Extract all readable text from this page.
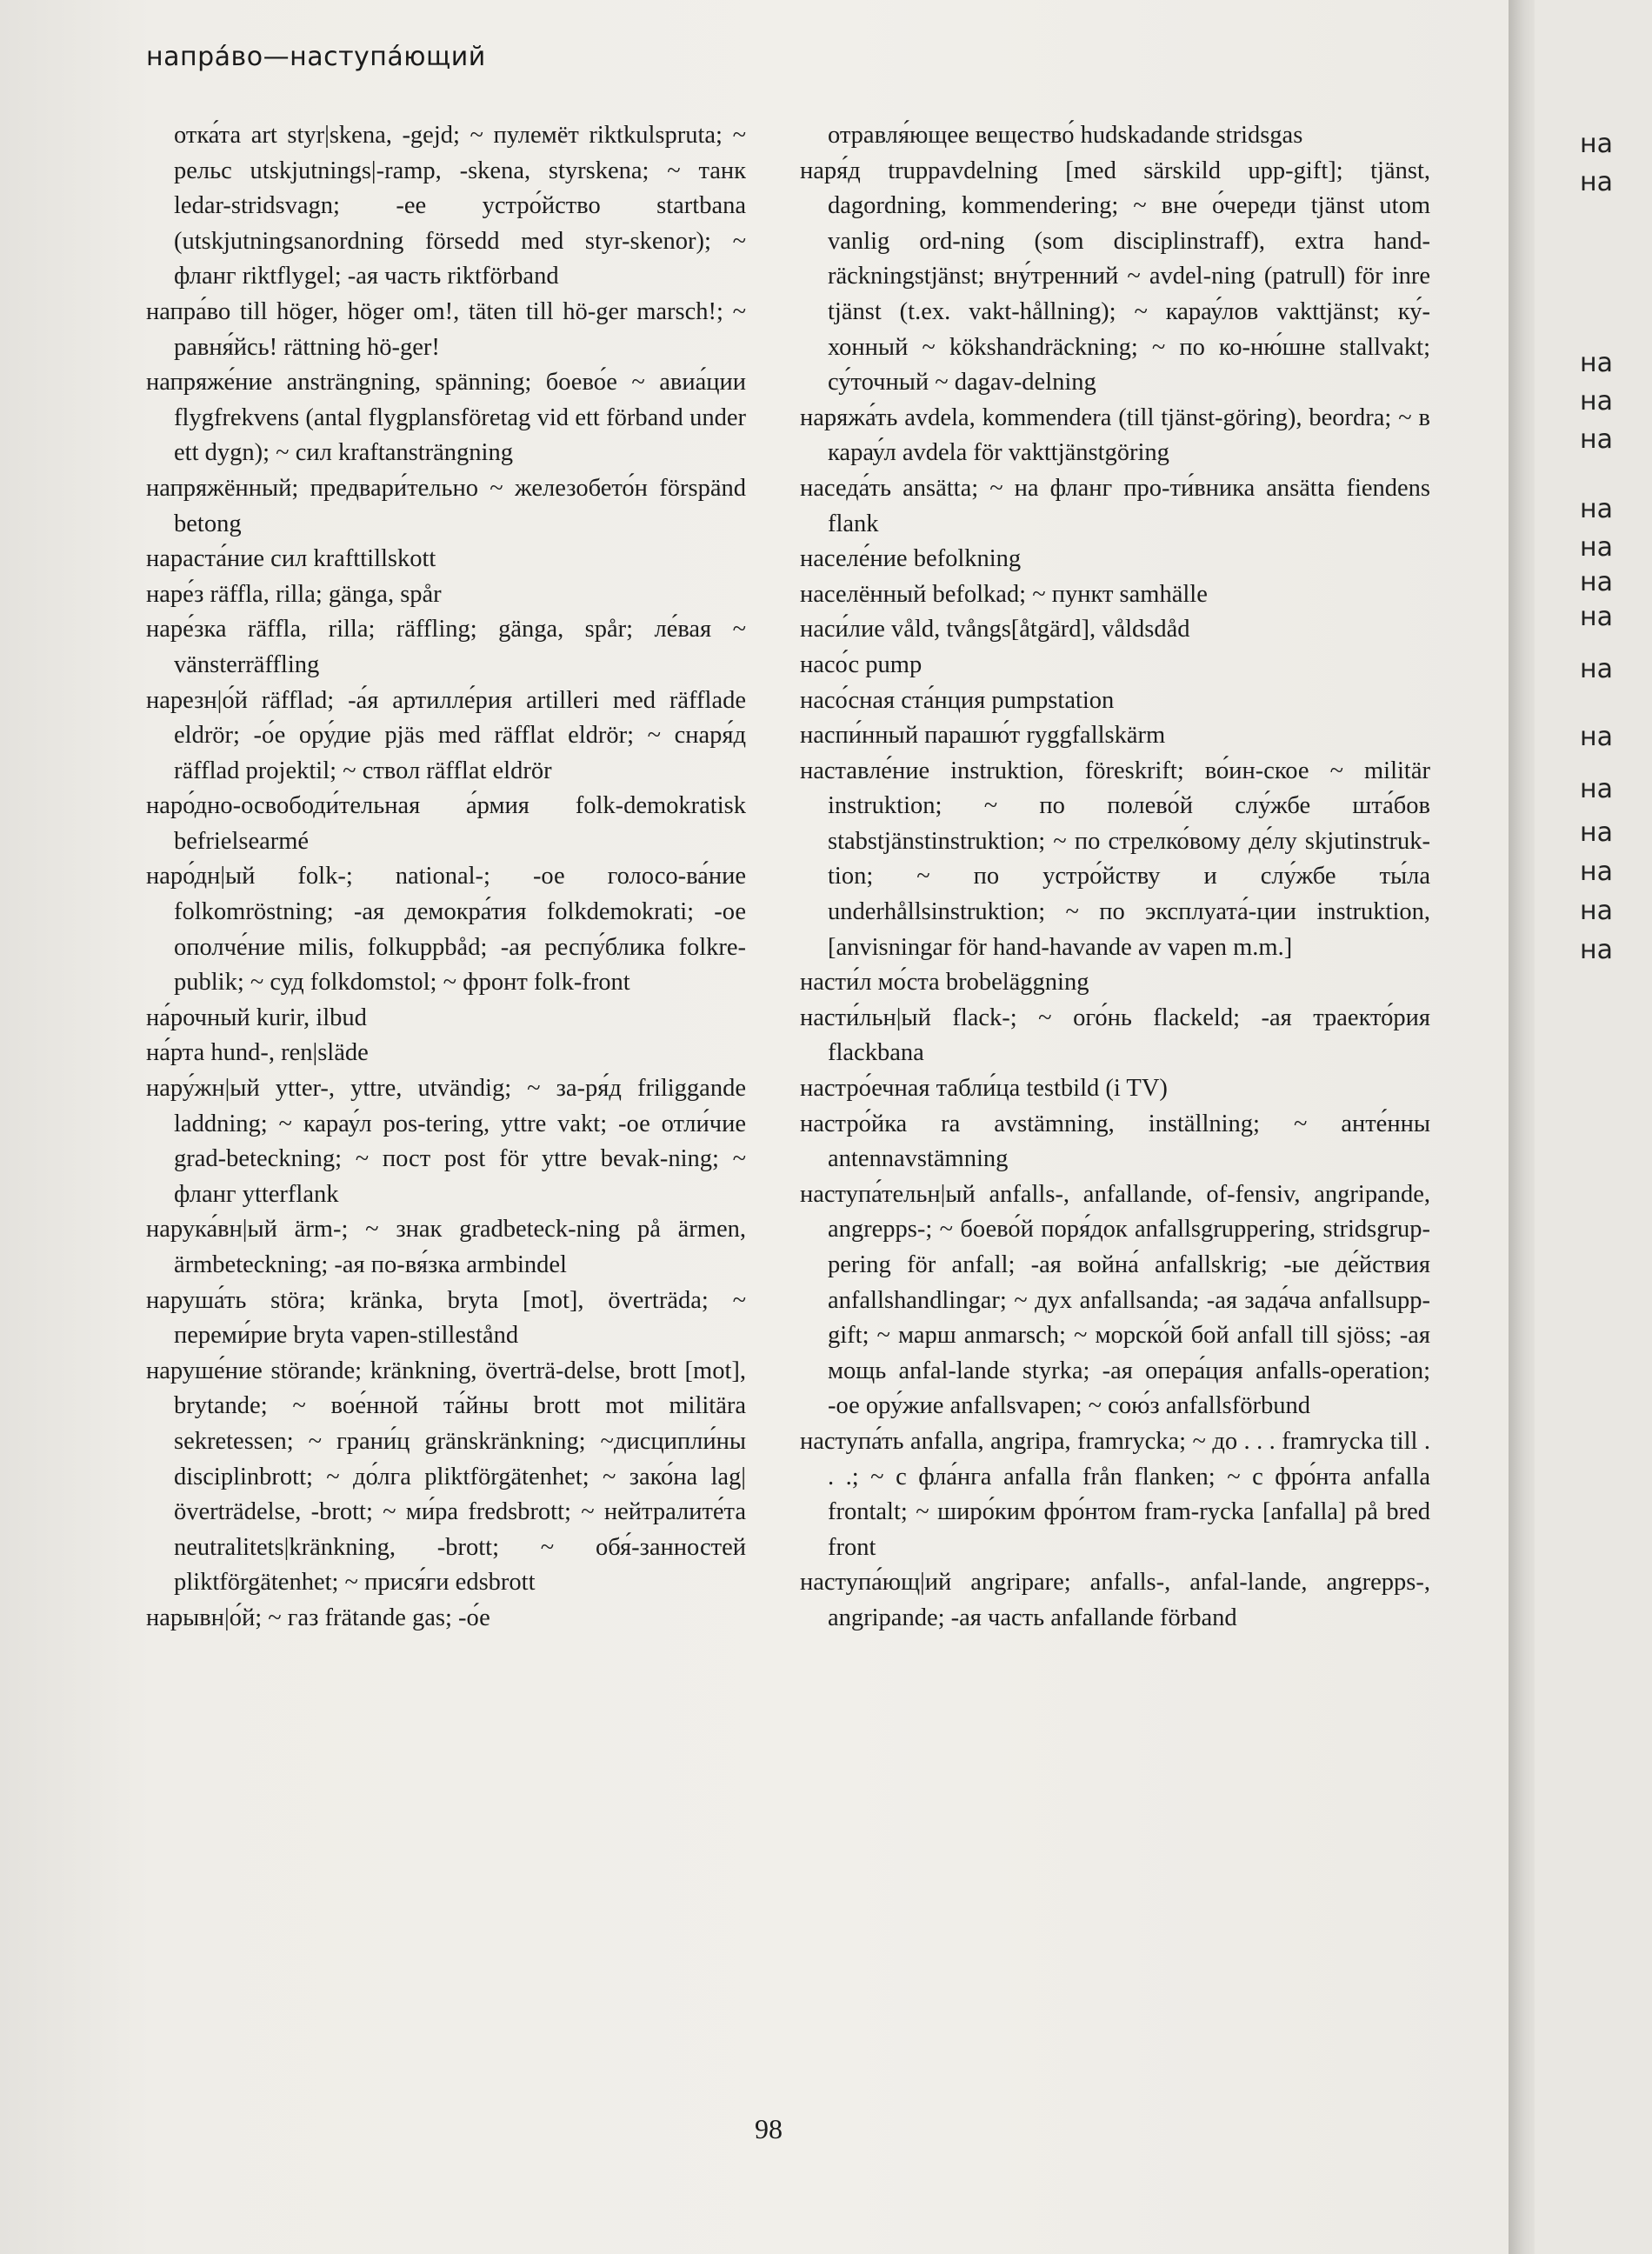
на
на
на
на
на
на
на
на
на
на
на
на
на
на
на
на
напра́во—наступа́ющий

отка́та art styr|skena, -gejd; ~ пулемёт riktkulspruta; ~ рельс utskjutnings|-ramp, -skena, styrskena; ~ танк ledar-stridsvagn; -ее устро́йство startbana (utskjutningsanordning försedd med styr-skenor); ~ фланг riktflygel; -ая часть riktförband

напра́во till höger, höger om!, täten till hö-ger marsch!; ~ равня́йсь! rättning hö-ger!

напряже́ние ansträngning, spänning; боево́е ~ авиа́ции flygfrekvens (antal flygplansföretag vid ett förband under ett dygn); ~ сил kraftansträngning

напряжённый; предвари́тельно ~ железобето́н förspänd betong

нараста́ние сил krafttillskott

наре́з räffla, rilla; gänga, spår

наре́зка räffla, rilla; räffling; gänga, spår; ле́вая ~ vänsterräffling

нарезн|о́й räfflad; -а́я артилле́рия artilleri med räfflade eldrör; -о́е ору́дие pjäs med räfflat eldrör; ~ снаря́д räfflad projektil; ~ ствол räfflat eldrör

наро́дно-освободи́тельная а́рмия folk-demokratisk befrielsearmé

наро́дн|ый folk-; national-; -ое голосо-ва́ние folkomröstning; -ая демокра́тия folkdemokrati; -ое ополче́ние milis, folkuppbåd; -ая респу́блика folkre-publik; ~ суд folkdomstol; ~ фронт folk-front

на́рочный kurir, ilbud

на́рта hund-, ren|släde

нару́жн|ый ytter-, yttre, utvändig; ~ за-ря́д friliggande laddning; ~ карау́л pos-tering, yttre vakt; -ое отли́чие grad-beteckning; ~ пост post för yttre bevak-ning; ~ фланг ytterflank

нарука́вн|ый ärm-; ~ знак gradbeteck-ning på ärmen, ärmbeteckning; -ая по-вя́зка armbindel

наруша́ть störa; kränka, bryta [mot], överträda; ~ переми́рие bryta vapen-stillestånd

наруше́ние störande; kränkning, överträ-delse, brott [mot], brytande; ~ вое́нной та́йны brott mot militära sekretessen; ~ грани́ц gränskränkning; ~дисципли́ны disciplinbrott; ~ до́лга pliktförgätenhet; ~ зако́на lag|överträdelse, -brott; ~ ми́ра fredsbrott; ~ нейтралите́та neutralitets|kränkning, -brott; ~ обя́-занностей pliktförgätenhet; ~ прися́ги edsbrott

нарывн|о́й; ~ газ frätande gas; -о́е

отравля́ющее вещество́ hudskadande stridsgas

наря́д truppavdelning [med särskild upp-gift]; tjänst, dagordning, kommendering; ~ вне о́череди tjänst utom vanlig ord-ning (som disciplinstraff), extra hand-räckningstjänst; вну́тренний ~ avdel-ning (patrull) för inre tjänst (t.ex. vakt-hållning); ~ карау́лов vakttjänst; ку́-хонный ~ kökshandräckning; ~ по ко-ню́шне stallvakt; су́точный ~ dagav-delning

наряжа́ть avdela, kommendera (till tjänst-göring), beordra; ~ в карау́л avdela för vakttjänstgöring

наседа́ть ansätta; ~ на фланг про-ти́вника ansätta fiendens flank

населе́ние befolkning

населённый befolkad; ~ пункт samhälle

наси́лие våld, tvångs[åtgärd], våldsdåd

насо́с pump

насо́сная ста́нция pumpstation

наспи́нный парашю́т ryggfallskärm

наставле́ние instruktion, föreskrift; во́ин-ское ~ militär instruktion; ~ по полево́й слу́жбе шта́бов stabstjänstinstruktion; ~ по стрелко́вому де́лу skjutinstruk-tion; ~ по устро́йству и слу́жбе ты́ла underhållsinstruktion; ~ по эксплуата́-ции instruktion, [anvisningar för hand-havande av vapen m.m.]

насти́л мо́ста brobeläggning

насти́льн|ый flack-; ~ ого́нь flackeld; -ая траекто́рия flackbana

настро́ечная табли́ца testbild (i TV)

настро́йка ra avstämning, inställning; ~ анте́нны antennavstämning

наступа́тельн|ый anfalls-, anfallande, of-fensiv, angripande, angrepps-; ~ боево́й поря́док anfallsgruppering, stridsgrup-pering för anfall; -ая война́ anfallskrig; -ые де́йствия anfallshandlingar; ~ дух anfallsanda; -ая зада́ча anfallsupp-gift; ~ марш anmarsch; ~ морско́й бой anfall till sjöss; -ая мощь anfal-lande styrka; -ая опера́ция anfalls-operation; -ое ору́жие anfallsvapen; ~ сою́з anfallsförbund

наступа́ть anfalla, angripa, framrycka; ~ до . . . framrycka till . . .; ~ с фла́нга anfalla från flanken; ~ с фро́нта anfalla frontalt; ~ широ́ким фро́нтом fram-rycka [anfalla] på bred front

наступа́ющ|ий angripare; anfalls-, anfal-lande, angrepps-, angripande; -ая часть anfallande förband

98
